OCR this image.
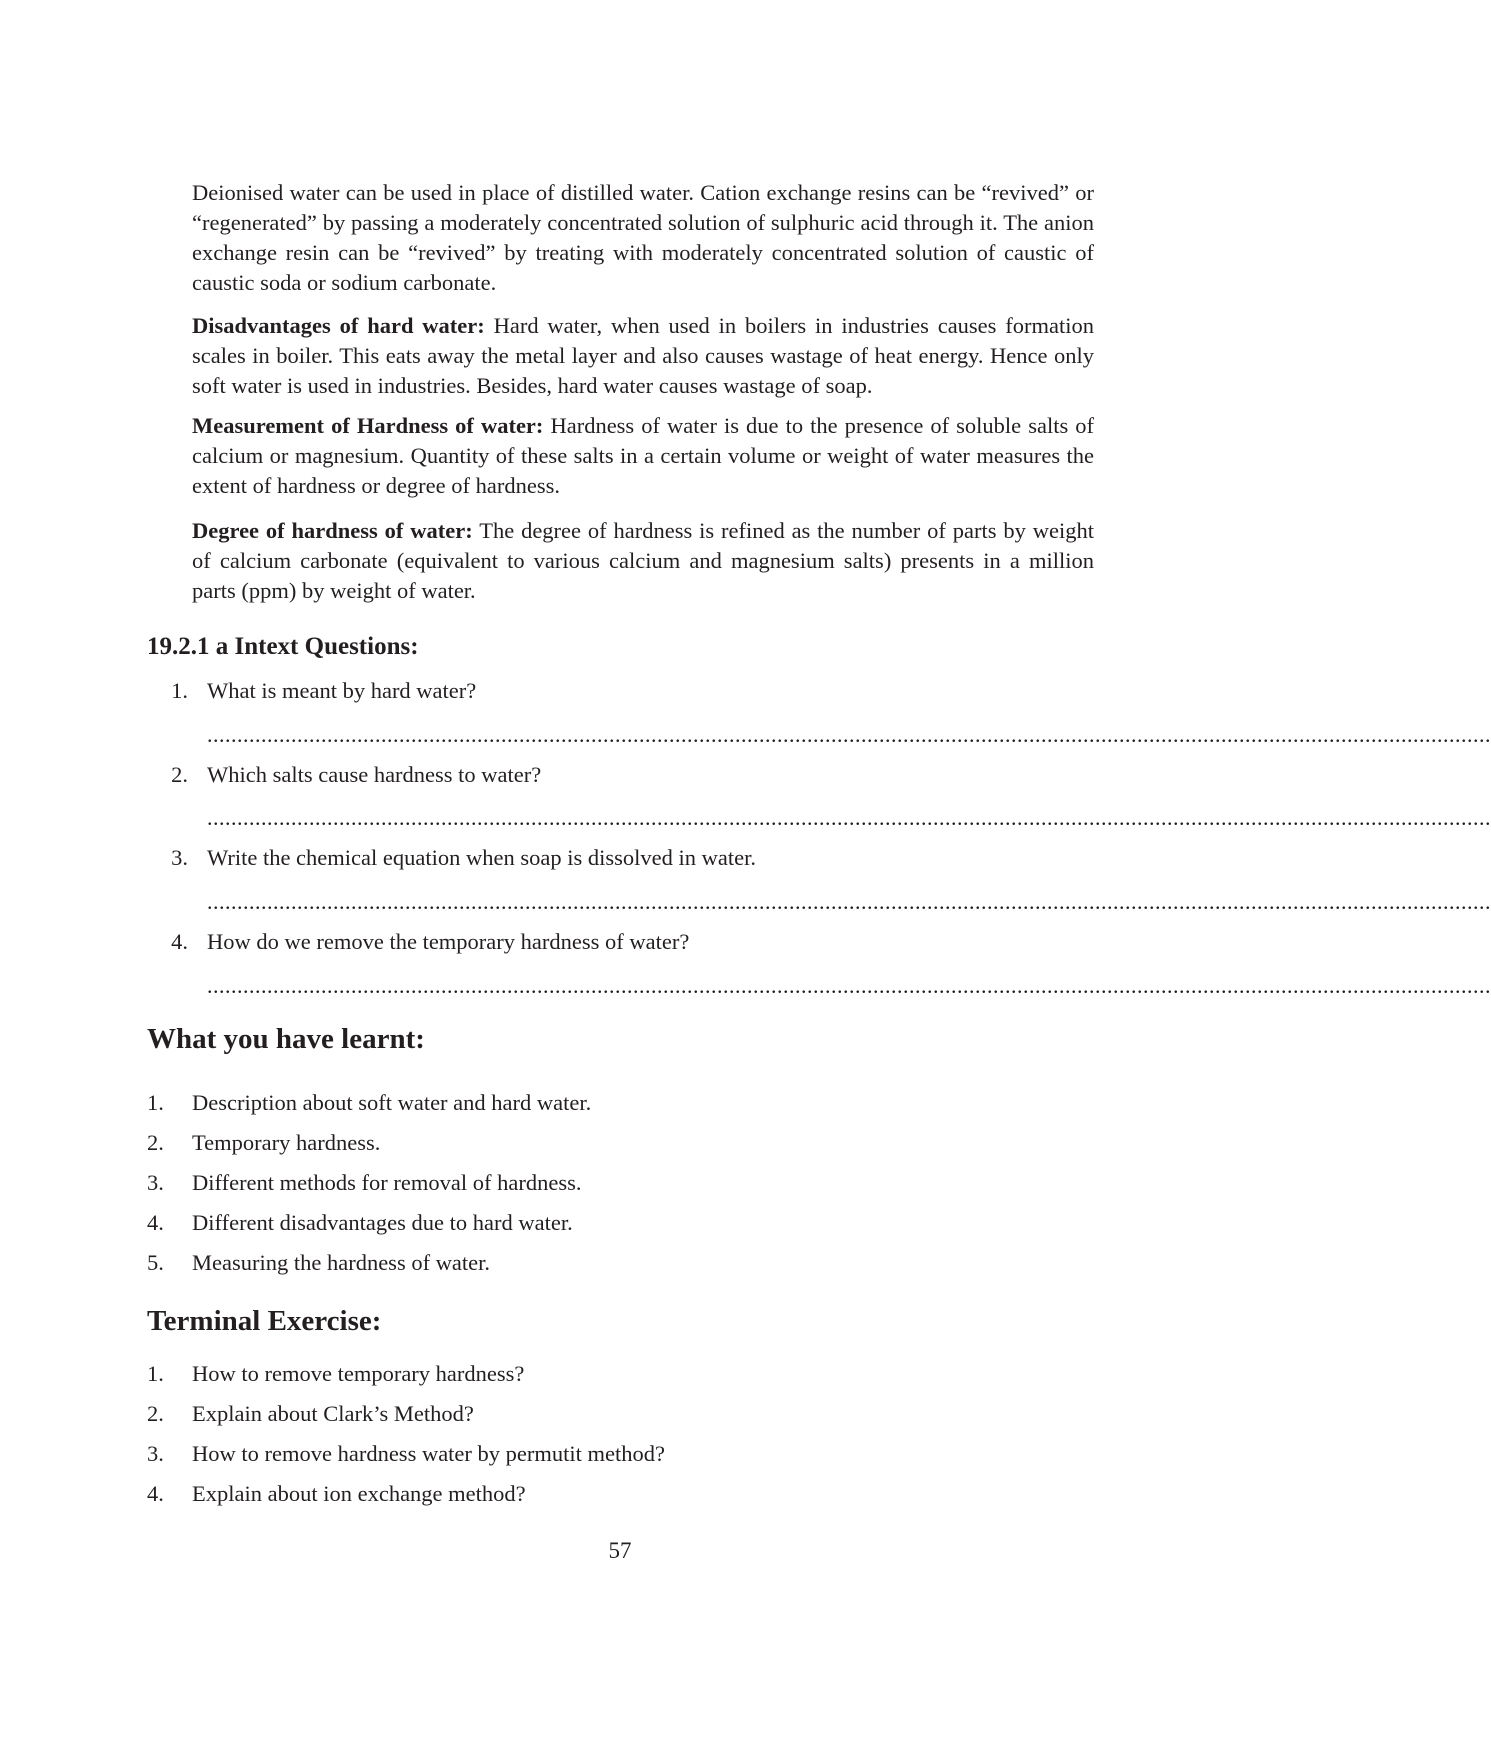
Deionised water can be used in place of distilled water. Cation exchange resins can be “revived” or “regenerated” by passing a moderately concentrated solution of sulphuric acid through it. The anion exchange resin can be “revived” by treating with moderately concentrated solution of caustic of caustic soda or sodium carbonate.

Disadvantages of hard water: Hard water, when used in boilers in industries causes formation scales in boiler. This eats away the metal layer and also causes wastage of heat energy. Hence only soft water is used in industries. Besides, hard water causes wastage of soap.

Measurement of Hardness of water: Hardness of water is due to the presence of soluble salts of calcium or magnesium. Quantity of these salts in a certain volume or weight of water measures the extent of hardness or degree of hardness.

Degree of hardness of water: The degree of hardness is refined as the number of parts by weight of calcium carbonate (equivalent to various calcium and magnesium salts) presents in a million parts (ppm) by weight of water.

19.2.1 a Intext Questions:
1. What is meant by hard water?
......................................................................................................................................................................................................................
2. Which salts cause hardness to water?
......................................................................................................................................................................................................................
3. Write the chemical equation when soap is dissolved in water.
......................................................................................................................................................................................................................
4. How do we remove the temporary hardness of water?
......................................................................................................................................................................................................................
What you have learnt:
1.	Description about soft water and hard water.
2.	Temporary hardness.
3.	Different methods for removal of hardness.
4.	Different disadvantages due to hard water.
5.	Measuring the hardness of water.
Terminal Exercise:
1.	How to remove temporary hardness?
2.	Explain about Clark’s Method?
3.	How to remove hardness water by permutit method?
4.	Explain about ion exchange method?
57
